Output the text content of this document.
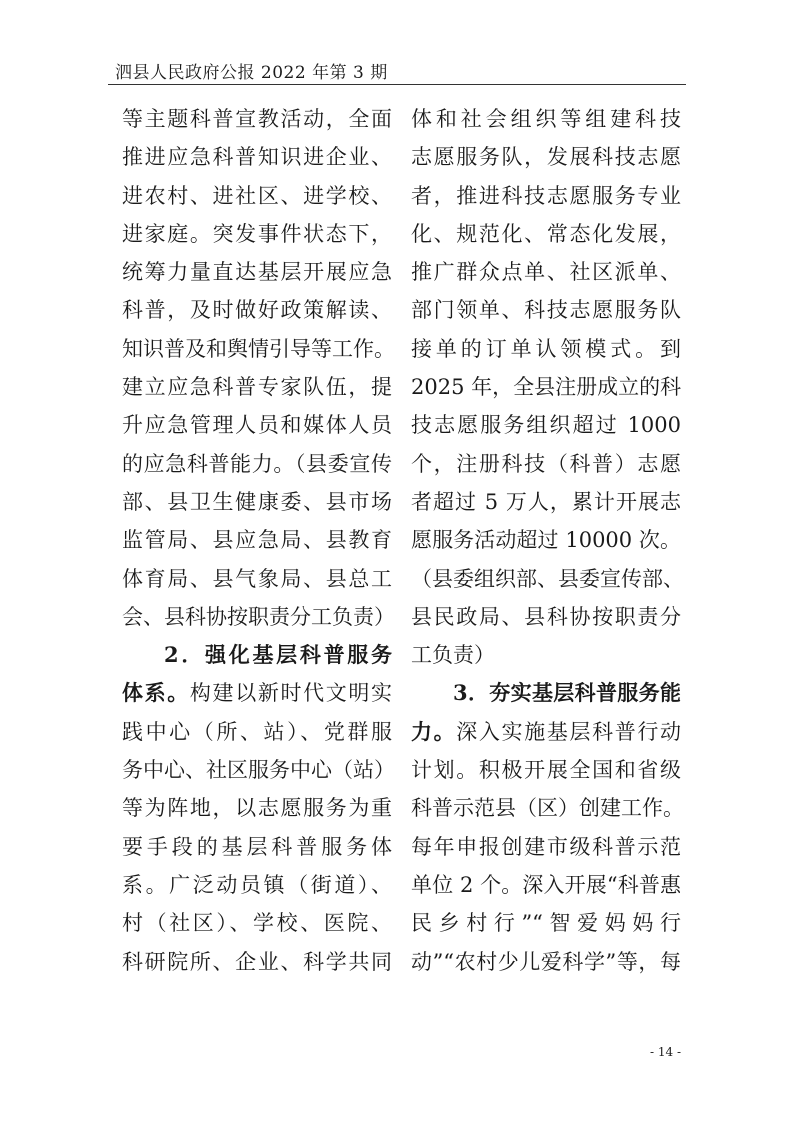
泗县人民政府公报 2022 年第 3 期
等主题科普宣教活动，全面
推进应急科普知识进企业、
进农村、进社区、进学校、
进家庭。突发事件状态下，
统筹力量直达基层开展应急
科普，及时做好政策解读、
知识普及和舆情引导等工作。
建立应急科普专家队伍，提
升应急管理人员和媒体人员
的应急科普能力。（县委宣传
部、县卫生健康委、县市场
监管局、县应急局、县教育
体育局、县气象局、县总工
会、县科协按职责分工负责）
2．强化基层科普服务
体系。构建以新时代文明实
践中心（所、站）、党群服
务中心、社区服务中心（站）
等为阵地，以志愿服务为重
要手段的基层科普服务体
系。广泛动员镇（街道）、
村（社区）、学校、医院、
科研院所、企业、科学共同
体和社会组织等组建科技
志愿服务队，发展科技志愿
者，推进科技志愿服务专业
化、规范化、常态化发展，
推广群众点单、社区派单、
部门领单、科技志愿服务队
接单的订单认领模式。到
2025 年，全县注册成立的科
技志愿服务组织超过 1000
个，注册科技（科普）志愿
者超过 5 万人，累计开展志
愿服务活动超过 10000 次。
（县委组织部、县委宣传部、
县民政局、县科协按职责分
工负责）
3．夯实基层科普服务能
力。深入实施基层科普行动
计划。积极开展全国和省级
科普示范县（区）创建工作。
每年申报创建市级科普示范
单位 2 个。深入开展“科普惠
民乡村行”“智爱妈妈行
动”“农村少儿爱科学”等，每
- 14 -
